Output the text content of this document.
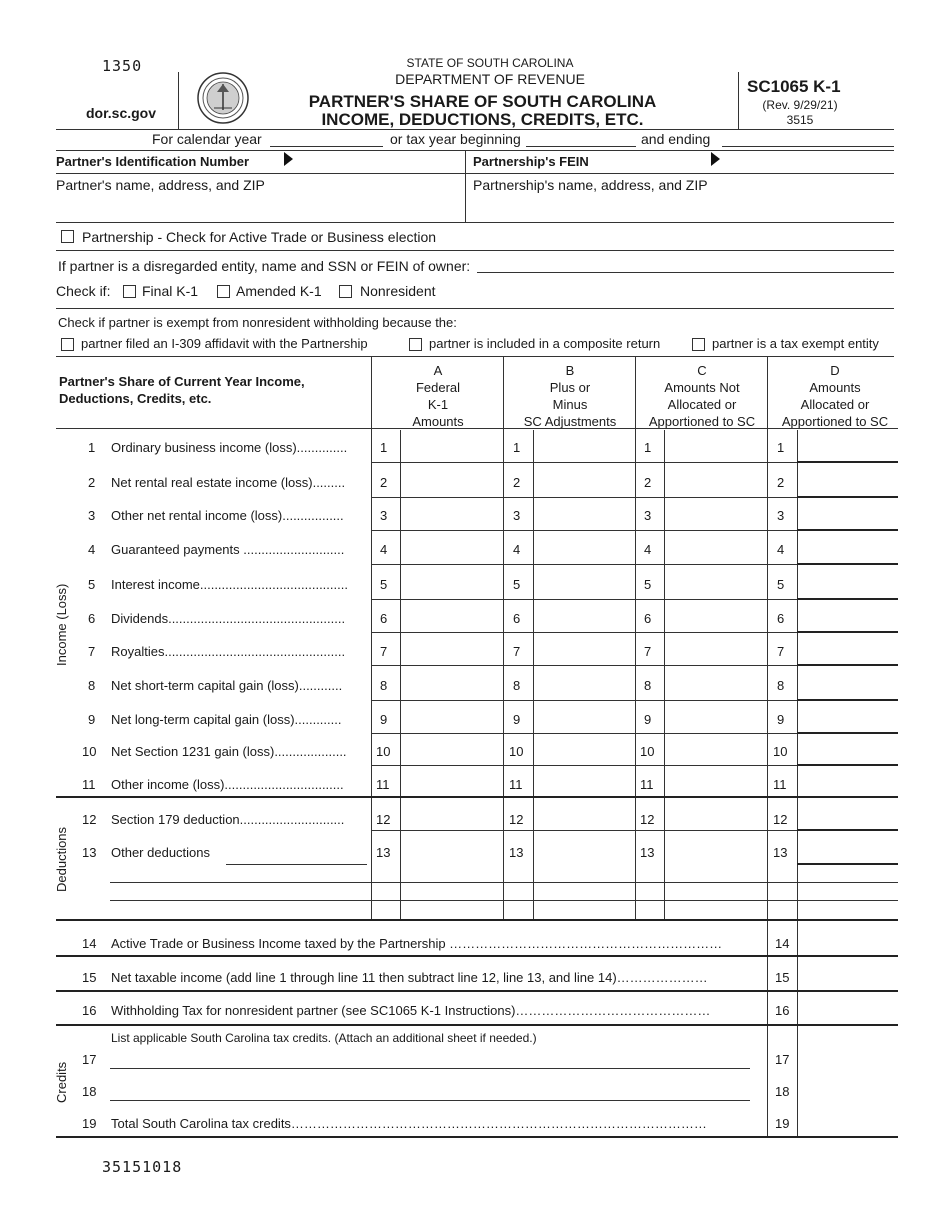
1350
dor.sc.gov
STATE OF SOUTH CAROLINA
DEPARTMENT OF REVENUE
PARTNER'S SHARE OF SOUTH CAROLINA
INCOME, DEDUCTIONS, CREDITS, ETC.
SC1065 K-1
(Rev. 9/29/21)
3515
For calendar year	or tax year beginning	and ending
Partner's Identification Number	Partnership's FEIN
Partner's name, address, and ZIP	Partnership's name, address, and ZIP
Partnership - Check for Active Trade or Business election
If partner is a disregarded entity, name and SSN or FEIN of owner:
Check if: Final K-1	Amended K-1	Nonresident
Check if partner is exempt from nonresident withholding because the:
partner filed an I-309 affidavit with the Partnership	partner is included in a composite return	partner is a tax exempt entity
Partner's Share of Current Year Income,
Deductions, Credits, etc.
A
Federal
K-1
Amounts
B
Plus or
Minus
SC Adjustments
C
Amounts Not
Allocated or
Apportioned to SC
D
Amounts
Allocated or
Apportioned to SC
Income (Loss)
Deductions
Credits
1 Ordinary business income (loss)..............	1	1	1	1
2 Net rental real estate income (loss).........	2	2	2	2
3 Other net rental income (loss).................	3	3	3	3
4 Guaranteed payments ............................	4	4	4	4
5 Interest income.........................................	5	5	5	5
6 Dividends.................................................	6	6	6	6
7 Royalties..................................................	7	7	7	7
8 Net short-term capital gain (loss)............	8	8	8	8
9 Net long-term capital gain (loss).............	9	9	9	9
10 Net Section 1231 gain (loss)....................	10	10	10	10
11 Other income (loss).................................	11	11	11	11
12 Section 179 deduction.............................	12	12	12	12
13 Other deductions	13	13	13	13
14 Active Trade or Business Income taxed by the Partnership ………………………………………………………	14
15 Net taxable income (add line 1 through line 11 then subtract line 12, line 13, and line 14)…………………	15
16 Withholding Tax for nonresident partner (see SC1065 K-1 Instructions)………………………………………	16
List applicable South Carolina tax credits. (Attach an additional sheet if needed.)
17	17
18	18
19 Total South Carolina tax credits……………………………………………………………………………………	19
35151018
